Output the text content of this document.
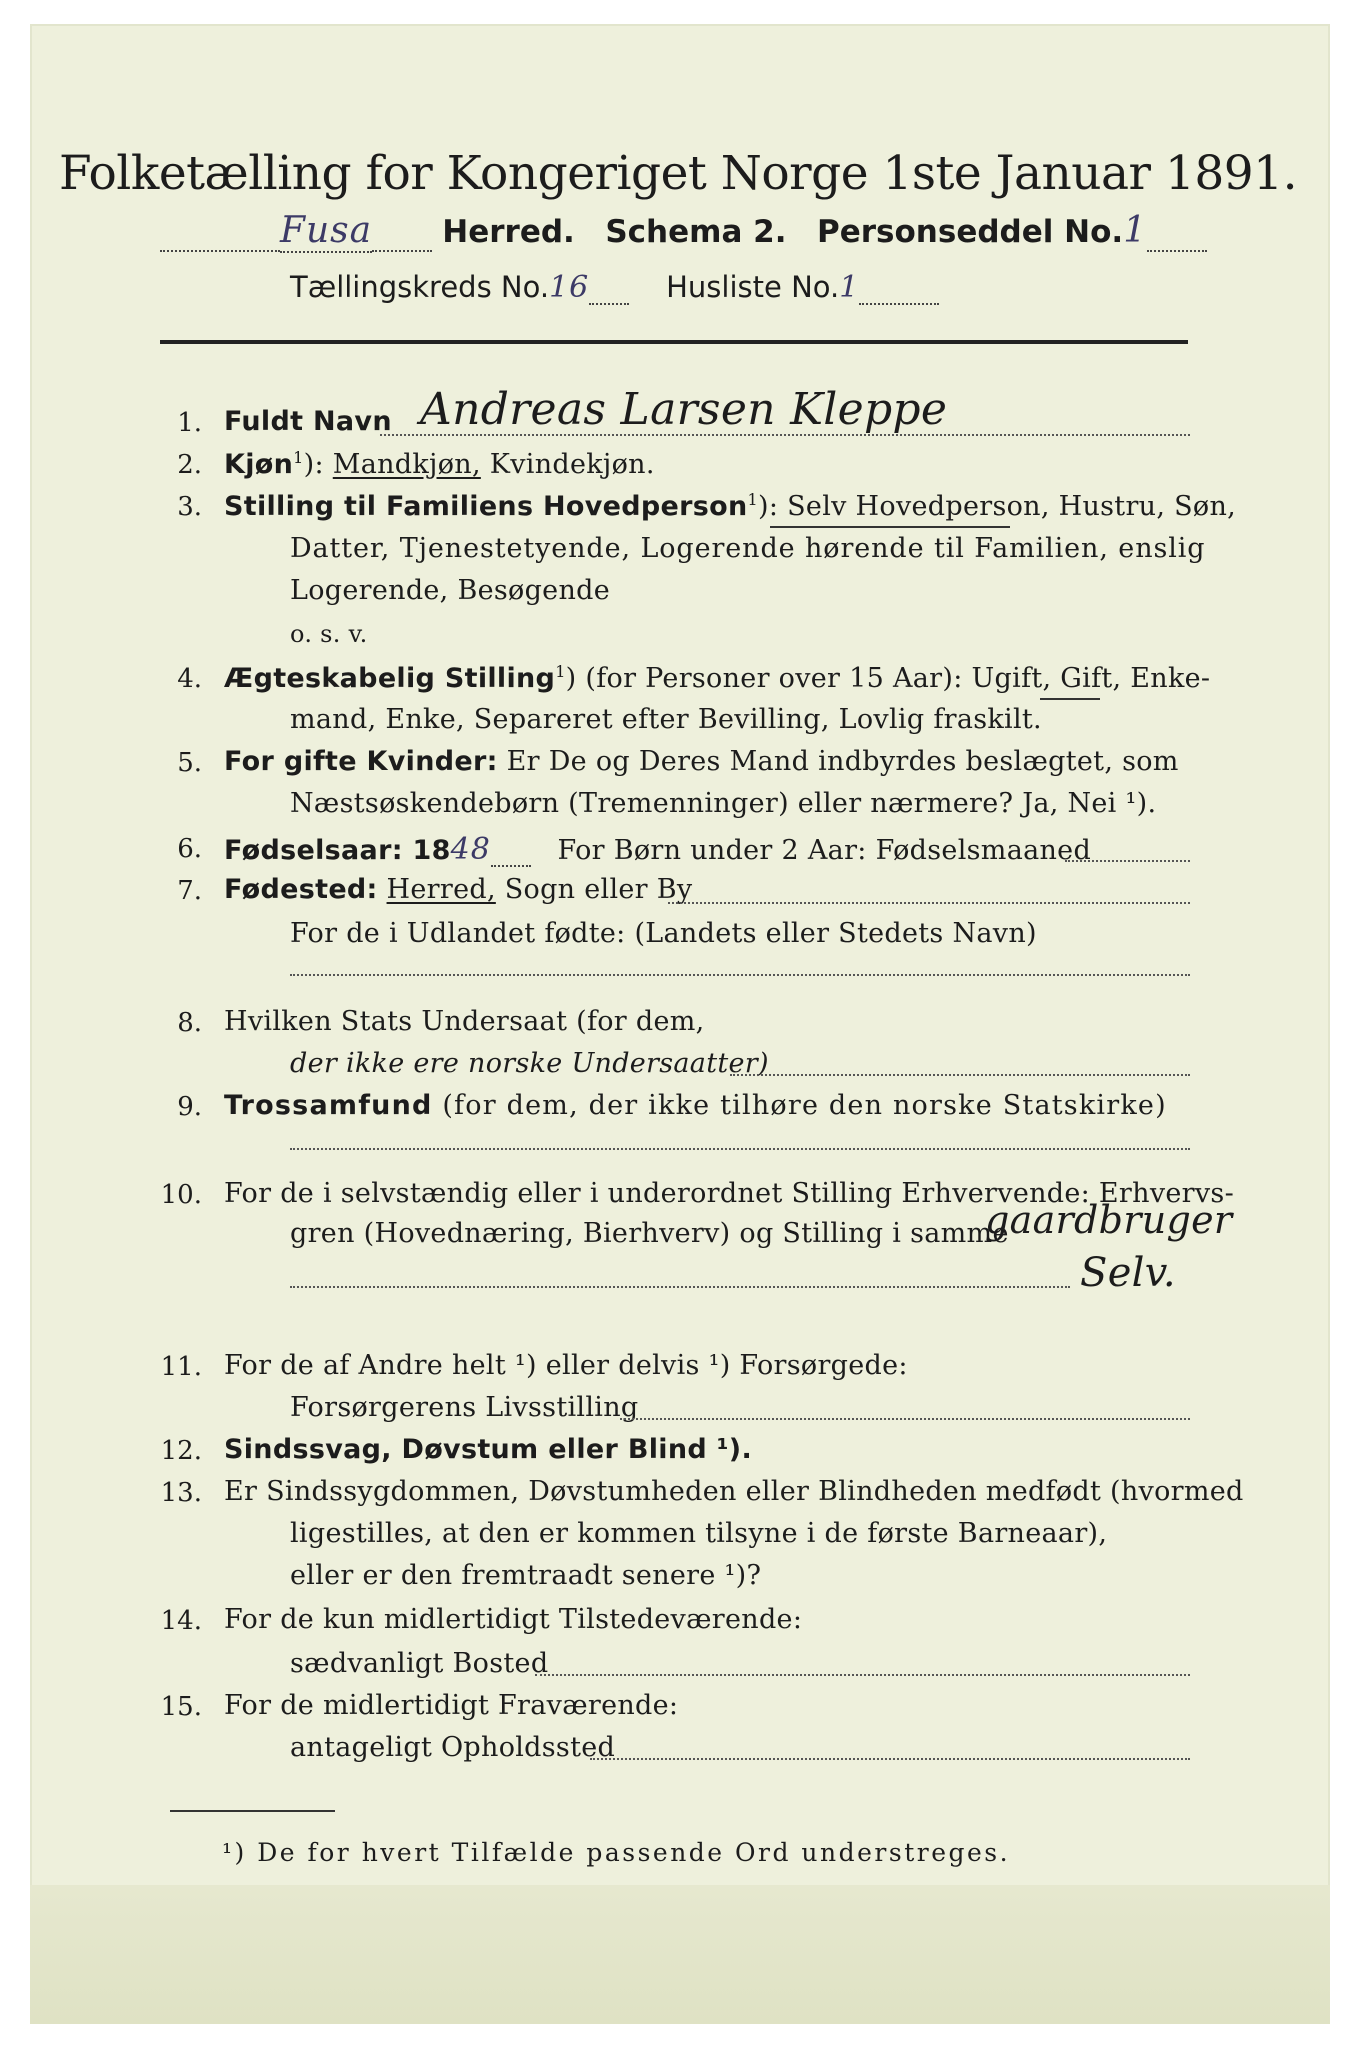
Folketælling for Kongeriget Norge 1ste Januar 1891.
Fusa Herred. Schema 2. Personseddel No.1
Tællingskreds No.16	Husliste No.1
1. Fuldt Navn Andreas Larsen Kleppe
2. Kjøn$^1$): Mandkjøn, Kvindekjøn.
3. Stilling til Familiens Hovedperson$^1$): Selv Hovedperson, Hustru, Søn,
Datter, Tjenestetyende, Logerende hørende til Familien, enslig
Logerende, Besøgende
o. s. v.
4. Ægteskabelig Stilling$^1$) (for Personer over 15 Aar): Ugift, Gift, Enke-
mand, Enke, Separeret efter Bevilling, Lovlig fraskilt.
5. For gifte Kvinder: Er De og Deres Mand indbyrdes beslægtet, som
Næstsøskendebørn (Tremenninger) eller nærmere? Ja, Nei ¹).
6. Fødselsaar: 1848 For Børn under 2 Aar: Fødselsmaaned
7. Fødested: Herred, Sogn eller By
For de i Udlandet fødte: (Landets eller Stedets Navn)
8. Hvilken Stats Undersaat (for dem,
der ikke ere norske Undersaatter)
9. Trossamfund (for dem, der ikke tilhøre den norske Statskirke)
10. For de i selvstændig eller i underordnet Stilling Erhvervende: Erhvervs-
gren (Hovednæring, Bierhverv) og Stilling i samme
gaardbruger
Selv.
11. For de af Andre helt ¹) eller delvis ¹) Forsørgede:
Forsørgerens Livsstilling
12. Sindssvag, Døvstum eller Blind ¹).
13. Er Sindssygdommen, Døvstumheden eller Blindheden medfødt (hvormed
ligestilles, at den er kommen tilsyne i de første Barneaar),
eller er den fremtraadt senere ¹)?
14. For de kun midlertidigt Tilstedeværende:
sædvanligt Bosted
15. For de midlertidigt Fraværende:
antageligt Opholdssted
¹) De for hvert Tilfælde passende Ord understreges.
